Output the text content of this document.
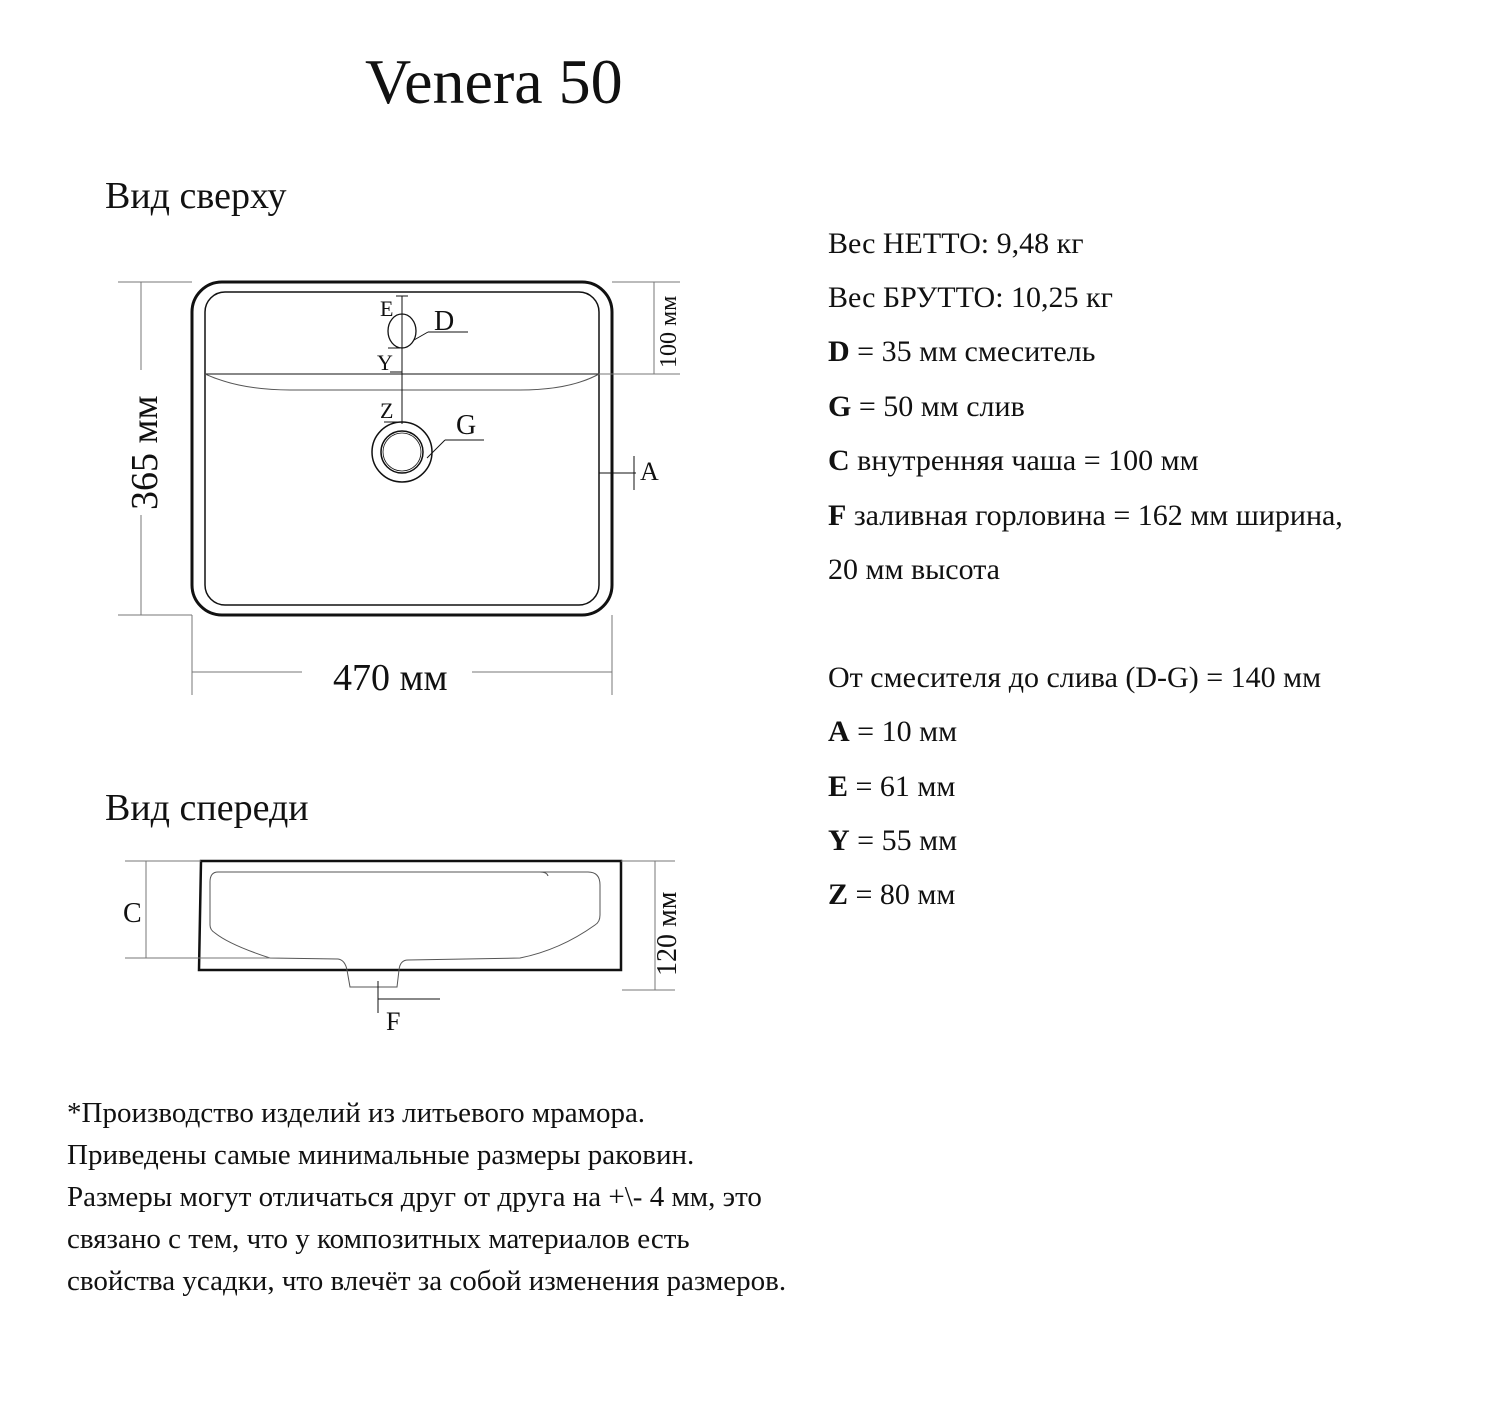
Venera 50
Вид сверху
Вид спереди
E D
Y
Z G
A
470 мм
365 мм
100 мм
C
F
120 мм
Вес НЕТТО: 9,48 кг
Вес БРУТТО: 10,25 кг
D = 35 мм смеситель
G = 50 мм слив
C внутренняя чаша = 100 мм
F заливная горловина = 162 мм ширина,
20 мм высота
От смесителя до слива (D-G) = 140 мм
A = 10 мм
E = 61 мм
Y = 55 мм
Z = 80 мм
*Производство изделий из литьевого мрамора.
Приведены самые минимальные размеры раковин.
Размеры могут отличаться друг от друга на +\- 4 мм, это
связано с тем, что у композитных материалов есть
свойства усадки, что влечёт за собой изменения размеров.
